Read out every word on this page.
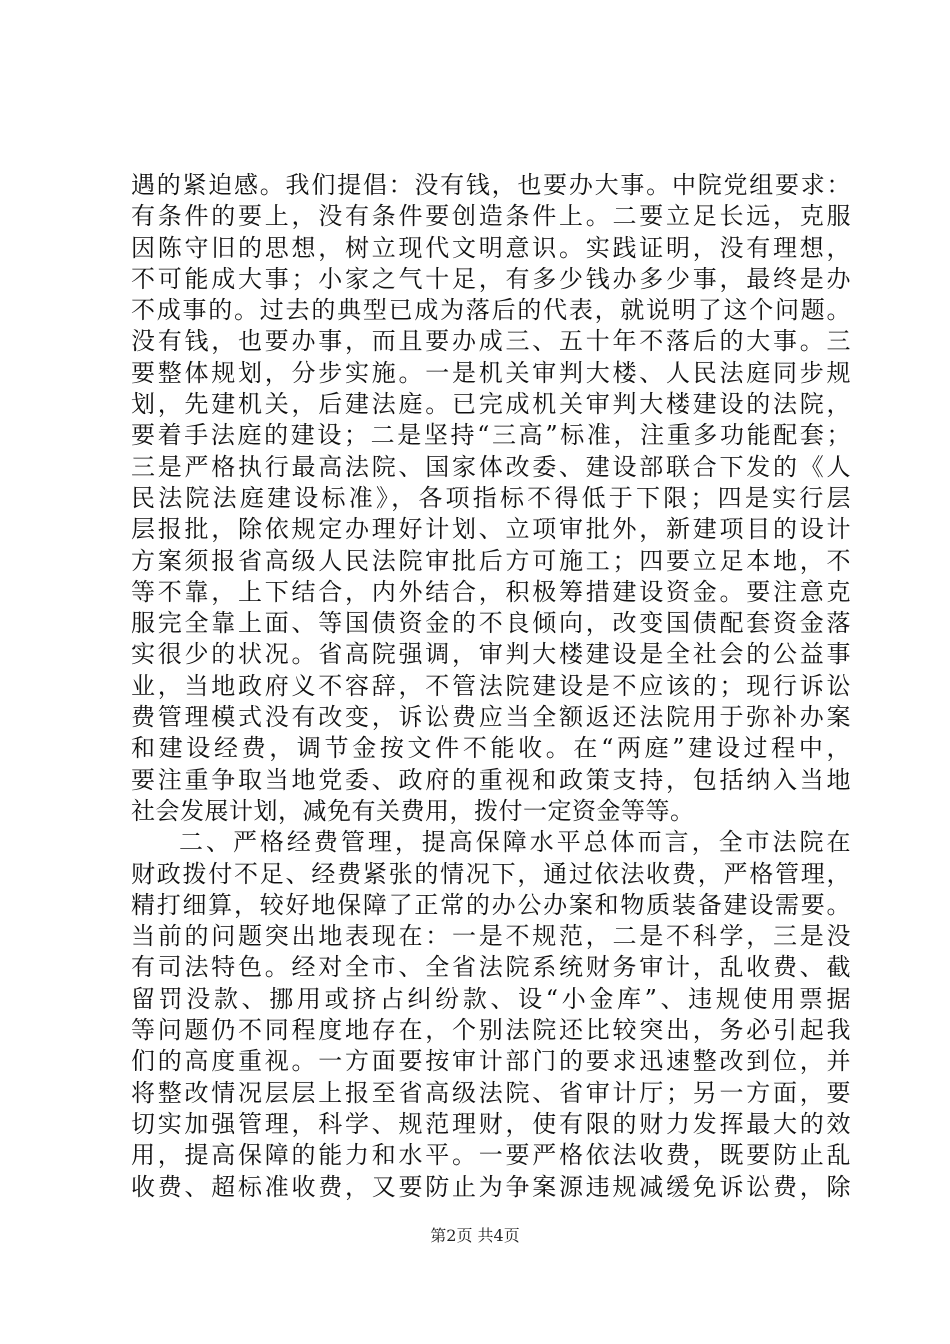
遇的紧迫感。我们提倡：没有钱，也要办大事。中院党组要求：
有条件的要上，没有条件要创造条件上。二要立足长远，克服
因陈守旧的思想，树立现代文明意识。实践证明，没有理想，
不可能成大事；小家之气十足，有多少钱办多少事，最终是办
不成事的。过去的典型已成为落后的代表，就说明了这个问题。
没有钱，也要办事，而且要办成三、五十年不落后的大事。三
要整体规划，分步实施。一是机关审判大楼、人民法庭同步规
划，先建机关，后建法庭。已完成机关审判大楼建设的法院，
要着手法庭的建设；二是坚持“三高”标准，注重多功能配套；
三是严格执行最高法院、国家体改委、建设部联合下发的《人
民法院法庭建设标准》，各项指标不得低于下限；四是实行层
层报批，除依规定办理好计划、立项审批外，新建项目的设计
方案须报省高级人民法院审批后方可施工；四要立足本地，不
等不靠，上下结合，内外结合，积极筹措建设资金。要注意克
服完全靠上面、等国债资金的不良倾向，改变国债配套资金落
实很少的状况。省高院强调，审判大楼建设是全社会的公益事
业，当地政府义不容辞，不管法院建设是不应该的；现行诉讼
费管理模式没有改变，诉讼费应当全额返还法院用于弥补办案
和建设经费，调节金按文件不能收。在“两庭”建设过程中，
要注重争取当地党委、政府的重视和政策支持，包括纳入当地
社会发展计划，减免有关费用，拨付一定资金等等。
二、严格经费管理，提高保障水平总体而言，全市法院在
财政拨付不足、经费紧张的情况下，通过依法收费，严格管理，
精打细算，较好地保障了正常的办公办案和物质装备建设需要。
当前的问题突出地表现在：一是不规范，二是不科学，三是没
有司法特色。经对全市、全省法院系统财务审计，乱收费、截
留罚没款、挪用或挤占纠纷款、设“小金库”、违规使用票据
等问题仍不同程度地存在，个别法院还比较突出，务必引起我
们的高度重视。一方面要按审计部门的要求迅速整改到位，并
将整改情况层层上报至省高级法院、省审计厅；另一方面，要
切实加强管理，科学、规范理财，使有限的财力发挥最大的效
用，提高保障的能力和水平。一要严格依法收费，既要防止乱
收费、超标准收费，又要防止为争案源违规减缓免诉讼费，除
第2页 共4页
